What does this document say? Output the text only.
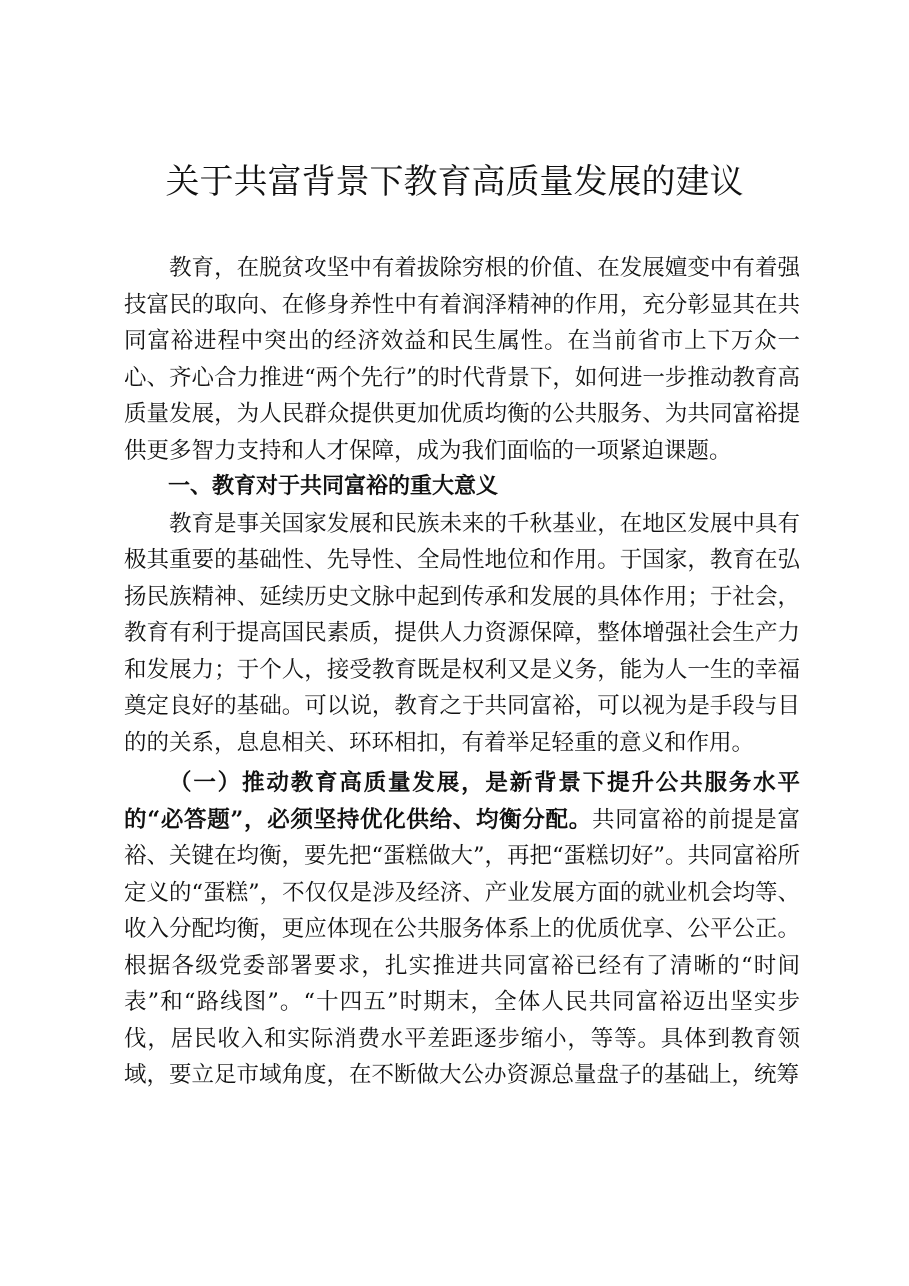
关于共富背景下教育高质量发展的建议

教育，在脱贫攻坚中有着拔除穷根的价值、在发展嬗变中有着强技富民的取向、在修身养性中有着润泽精神的作用，充分彰显其在共同富裕进程中突出的经济效益和民生属性。在当前省市上下万众一心、齐心合力推进“两个先行”的时代背景下，如何进一步推动教育高质量发展，为人民群众提供更加优质均衡的公共服务、为共同富裕提供更多智力支持和人才保障，成为我们面临的一项紧迫课题。

一、教育对于共同富裕的重大意义

教育是事关国家发展和民族未来的千秋基业，在地区发展中具有极其重要的基础性、先导性、全局性地位和作用。于国家，教育在弘扬民族精神、延续历史文脉中起到传承和发展的具体作用；于社会，教育有利于提高国民素质，提供人力资源保障，整体增强社会生产力和发展力；于个人，接受教育既是权利又是义务，能为人一生的幸福奠定良好的基础。可以说，教育之于共同富裕，可以视为是手段与目的的关系，息息相关、环环相扣，有着举足轻重的意义和作用。

（一）推动教育高质量发展，是新背景下提升公共服务水平的“必答题”，必须坚持优化供给、均衡分配。共同富裕的前提是富裕、关键在均衡，要先把“蛋糕做大”，再把“蛋糕切好”。共同富裕所定义的“蛋糕”，不仅仅是涉及经济、产业发展方面的就业机会均等、收入分配均衡，更应体现在公共服务体系上的优质优享、公平公正。根据各级党委部署要求，扎实推进共同富裕已经有了清晰的“时间表”和“路线图”。“十四五”时期末，全体人民共同富裕迈出坚实步伐，居民收入和实际消费水平差距逐步缩小，等等。具体到教育领域，要立足市域角度，在不断做大公办资源总量盘子的基础上，统筹
